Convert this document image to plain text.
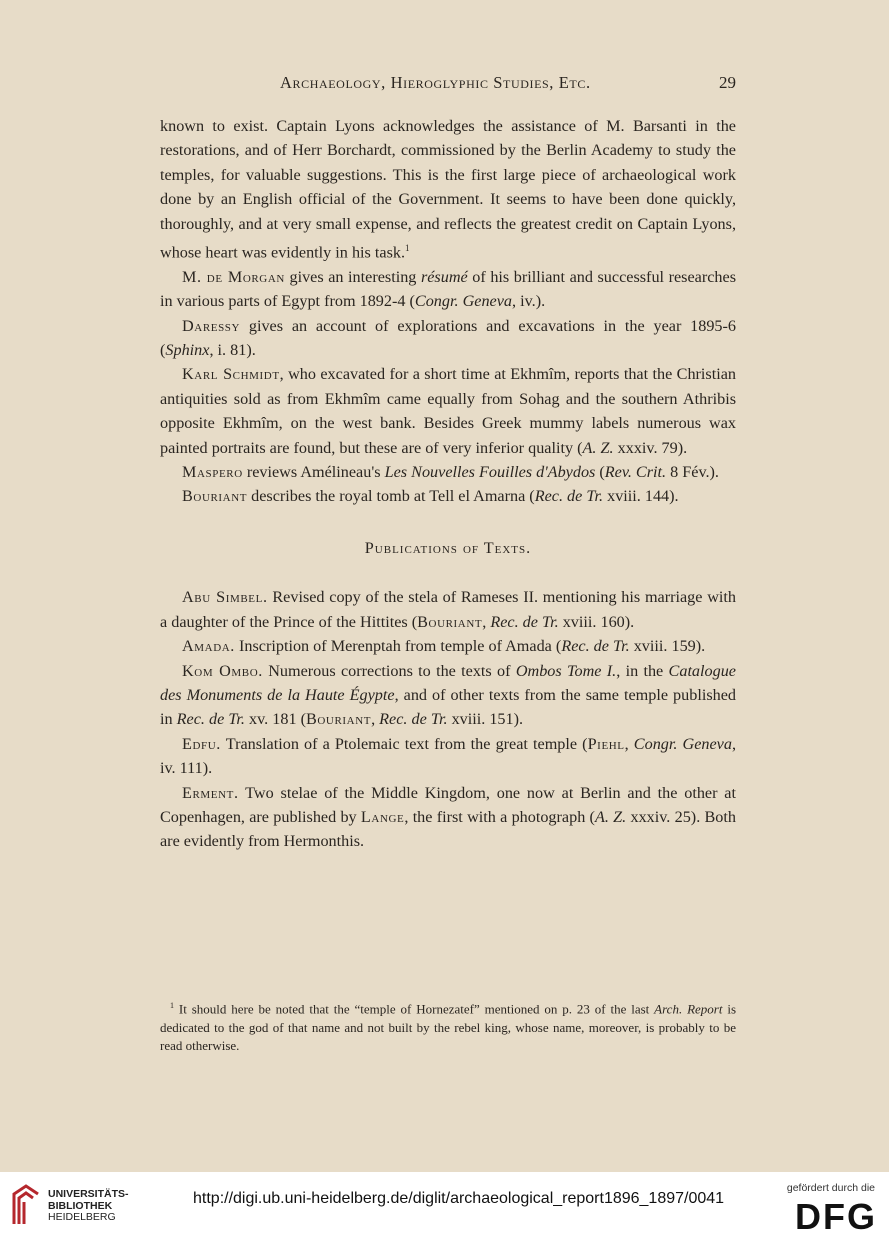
Archaeology, Hieroglyphic Studies, Etc.	29

known to exist. Captain Lyons acknowledges the assistance of M. Barsanti in the restorations, and of Herr Borchardt, commissioned by the Berlin Academy to study the temples, for valuable suggestions. This is the first large piece of archaeological work done by an English official of the Government. It seems to have been done quickly, thoroughly, and at very small expense, and reflects the greatest credit on Captain Lyons, whose heart was evidently in his task.$^1$

M. de Morgan gives an interesting résumé of his brilliant and successful researches in various parts of Egypt from 1892-4 (Congr. Geneva, iv.).

Daressy gives an account of explorations and excavations in the year 1895-6 (Sphinx, i. 81).

Karl Schmidt, who excavated for a short time at Ekhmîm, reports that the Christian antiquities sold as from Ekhmîm came equally from Sohag and the southern Athribis opposite Ekhmîm, on the west bank. Besides Greek mummy labels numerous wax painted portraits are found, but these are of very inferior quality (A. Z. xxxiv. 79).

Maspero reviews Amélineau's Les Nouvelles Fouilles d'Abydos (Rev. Crit. 8 Fév.).

Bouriant describes the royal tomb at Tell el Amarna (Rec. de Tr. xviii. 144).

Publications of Texts.

Abu Simbel. Revised copy of the stela of Rameses II. mentioning his marriage with a daughter of the Prince of the Hittites (Bouriant, Rec. de Tr. xviii. 160).

Amada. Inscription of Merenptah from temple of Amada (Rec. de Tr. xviii. 159).

Kom Ombo. Numerous corrections to the texts of Ombos Tome I., in the Catalogue des Monuments de la Haute Égypte, and of other texts from the same temple published in Rec. de Tr. xv. 181 (Bouriant, Rec. de Tr. xviii. 151).

Edfu. Translation of a Ptolemaic text from the great temple (Piehl, Congr. Geneva, iv. 111).

Erment. Two stelae of the Middle Kingdom, one now at Berlin and the other at Copenhagen, are published by Lange, the first with a photograph (A. Z. xxxiv. 25). Both are evidently from Hermonthis.

$^1$ It should here be noted that the “temple of Hornezatef” mentioned on p. 23 of the last Arch. Report is dedicated to the god of that name and not built by the rebel king, whose name, moreover, is probably to be read otherwise.

UNIVERSITÄTS-
BIBLIOTHEK
HEIDELBERG
http://digi.ub.uni-heidelberg.de/diglit/archaeological_report1896_1897/0041
gefördert durch die
DFG
